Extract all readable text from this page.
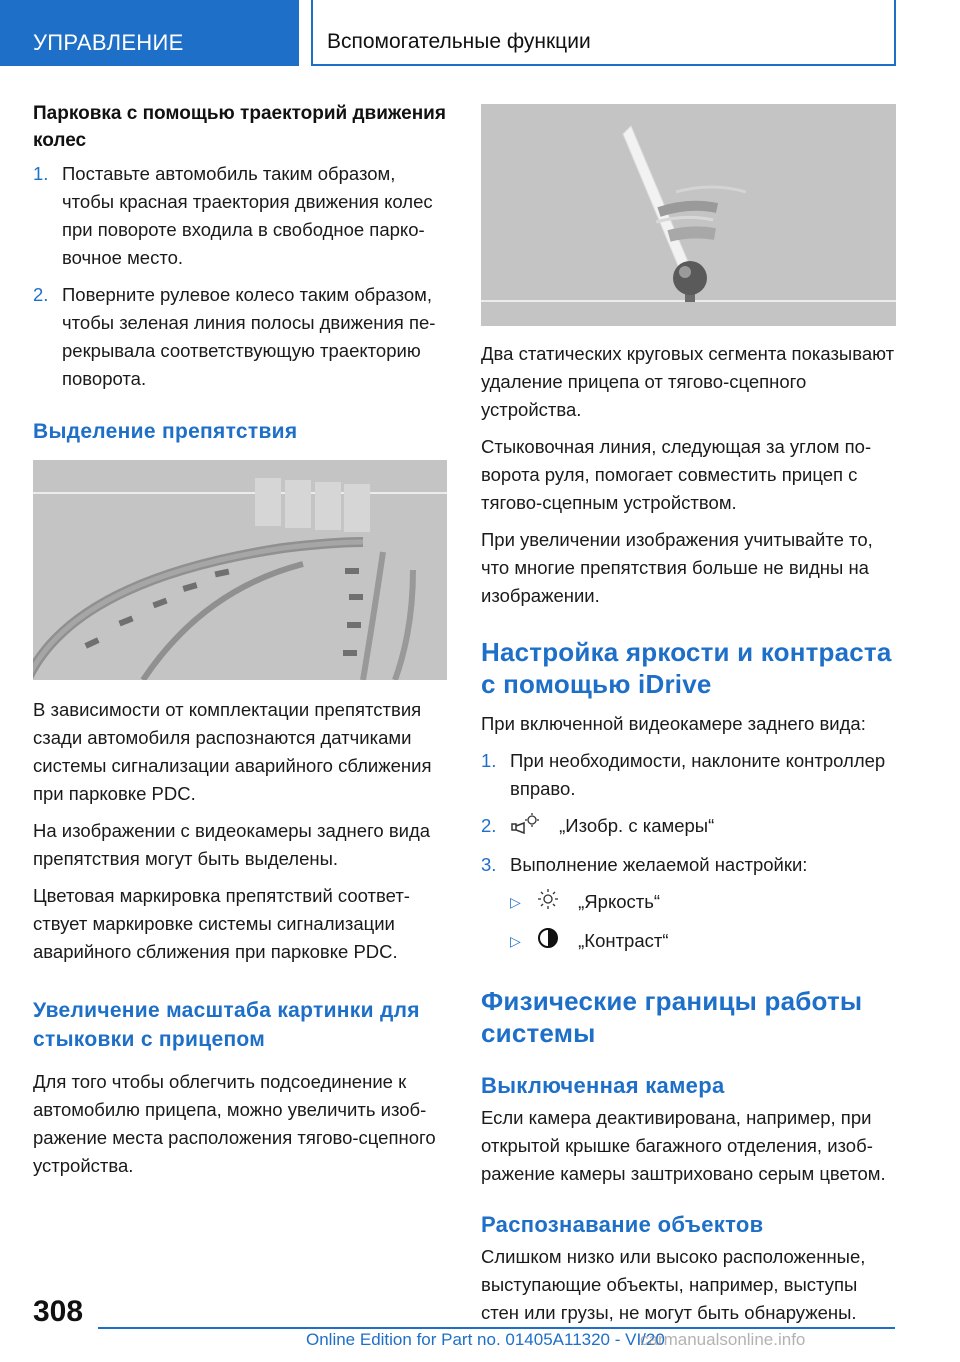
УПРАВЛЕНИЕ	Вспомогательные функции
Парковка с помощью траекторий движения колес
1. Поставьте автомобиль таким образом, чтобы красная траектория движения колес при повороте входила в свободное парковочное место.
2. Поверните рулевое колесо таким образом, чтобы зеленая линия полосы движения перекрывала соответствующую траекторию поворота.
Выделение препятствия

В зависимости от комплектации препятствия сзади автомобиля распознаются датчиками системы сигнализации аварийного сближения при парковке PDC.

На изображении с видеокамеры заднего вида препятствия могут быть выделены.

Цветовая маркировка препятствий соответствует маркировке системы сигнализации аварийного сближения при парковке PDC.

Увеличение масштаба картинки для стыковки с прицепом

Для того чтобы облегчить подсоединение к автомобилю прицепа, можно увеличить изображение места расположения тягово-сцепного устройства.

Два статических круговых сегмента показывают удаление прицепа от тягово-сцепного устройства.

Стыковочная линия, следующая за углом поворота руля, помогает совместить прицеп с тягово-сцепным устройством.

При увеличении изображения учитывайте то, что многие препятствия больше не видны на изображении.

Настройка яркости и контраста с помощью iDrive

При включенной видеокамере заднего вида:

1. При необходимости, наклоните контроллер вправо.
2.	„Изобр. с камеры“
3. Выполнение желаемой настройки:
▷	„Яркость“
▷	„Контраст“
Физические границы работы системы
Выключенная камера

Если камера деактивирована, например, при открытой крышке багажного отделения, изображение камеры заштриховано серым цветом.

Распознавание объектов

Слишком низко или высоко расположенные, выступающие объекты, например, выступы стен или грузы, не могут быть обнаружены.

308
Online Edition for Part no. 01405A11320 - VI/20
carmanualsonline.info
